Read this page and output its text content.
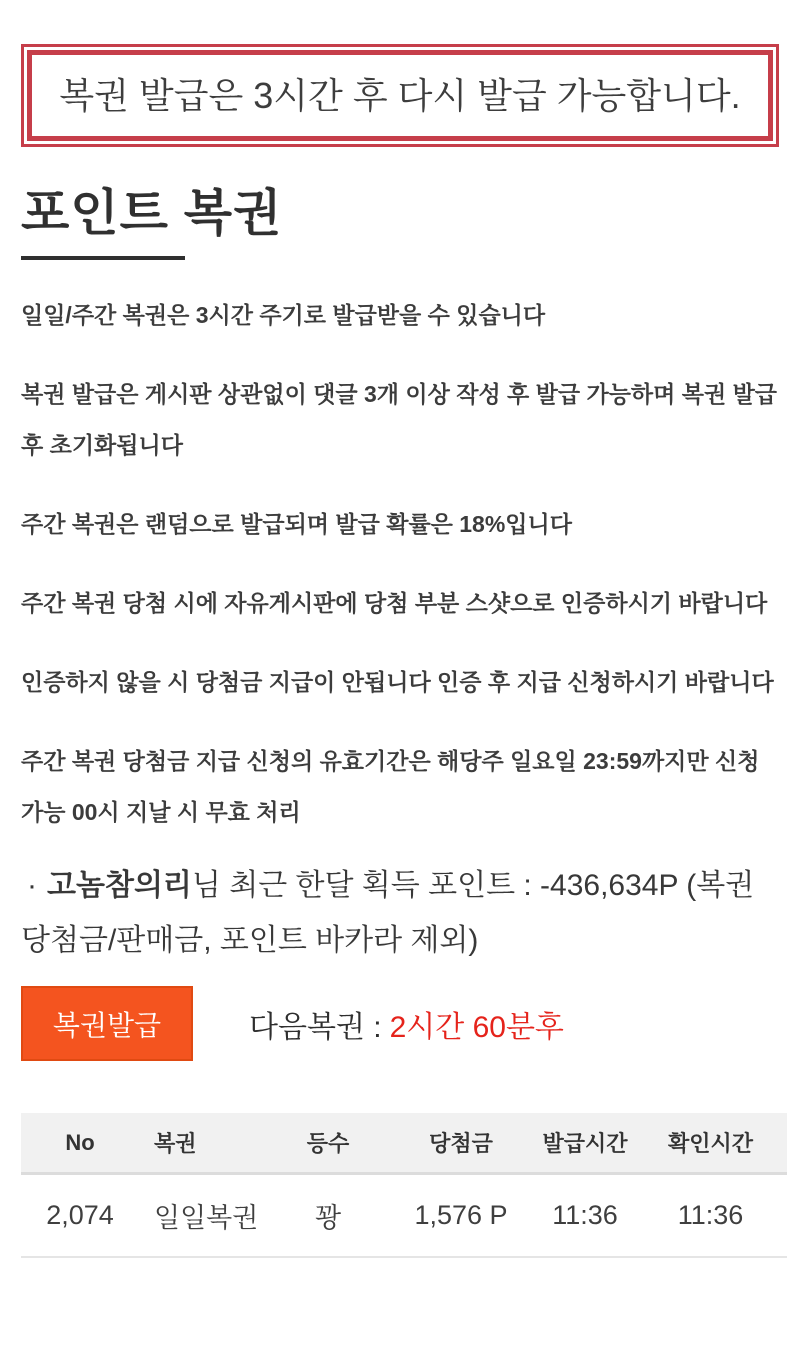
복권 발급은 3시간 후 다시 발급 가능합니다.
포인트 복권

일일/주간 복권은 3시간 주기로 발급받을 수 있습니다

복권 발급은 게시판 상관없이 댓글 3개 이상 작성 후 발급 가능하며 복권 발급 후 초기화됩니다

주간 복권은 랜덤으로 발급되며 발급 확률은 18%입니다

주간 복권 당첨 시에 자유게시판에 당첨 부분 스샷으로 인증하시기 바랍니다

인증하지 않을 시 당첨금 지급이 안됩니다 인증 후 지급 신청하시기 바랍니다

주간 복권 당첨금 지급 신청의 유효기간은 해당주 일요일 23:59까지만 신청 가능 00시 지날 시 무효 처리

· 고놈참의리님 최근 한달 획득 포인트 : -436,634P (복권 당첨금/판매금, 포인트 바카라 제외)
복권발급	다음복권 : 2시간 60분후
No	복권	등수	당첨금	발급시간	확인시간
2,074	일일복권	꽝	1,576 P	11:36	11:36
